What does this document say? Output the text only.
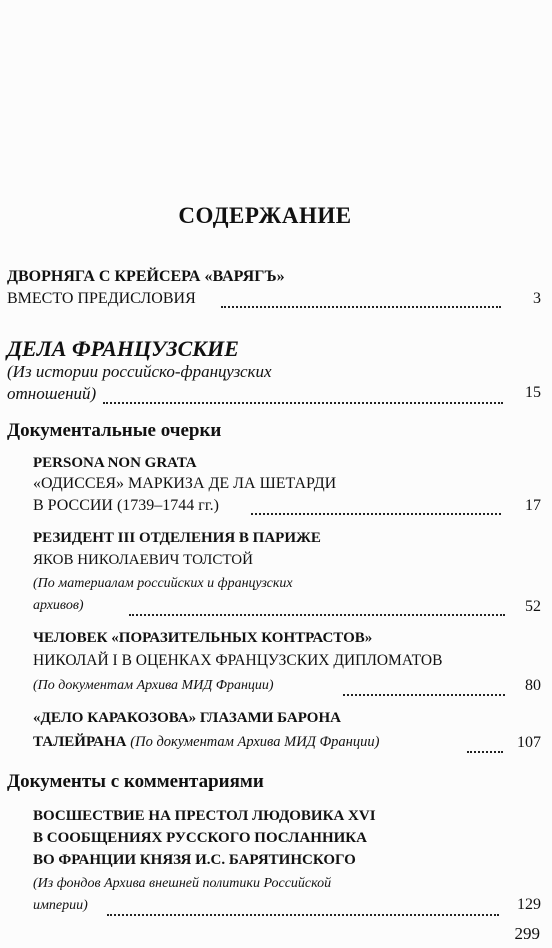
СОДЕРЖАНИЕ
ДВОРНЯГА С КРЕЙСЕРА «ВАРЯГЪ»
ВМЕСТО ПРЕДИСЛОВИЯ	3
ДЕЛА ФРАНЦУЗСКИЕ
(Из истории российско-французских
отношений)	15
Документальные очерки
PERSONA NON GRATA
«ОДИССЕЯ» МАРКИЗА ДЕ ЛА ШЕТАРДИ
В РОССИИ (1739–1744 гг.)	17
РЕЗИДЕНТ III ОТДЕЛЕНИЯ В ПАРИЖЕ
ЯКОВ НИКОЛАЕВИЧ ТОЛСТОЙ
(По материалам российских и французских
архивов)	52
ЧЕЛОВЕК «ПОРАЗИТЕЛЬНЫХ КОНТРАСТОВ»
НИКОЛАЙ I В ОЦЕНКАХ ФРАНЦУЗСКИХ ДИПЛОМАТОВ
(По документам Архива МИД Франции)	80
«ДЕЛО КАРАКОЗОВА» ГЛАЗАМИ БАРОНА
ТАЛЕЙРАНА (По документам Архива МИД Франции)	107
Документы с комментариями
ВОСШЕСТВИЕ НА ПРЕСТОЛ ЛЮДОВИКА XVI
В СООБЩЕНИЯХ РУССКОГО ПОСЛАННИКА
ВО ФРАНЦИИ КНЯЗЯ И.С. БАРЯТИНСКОГО
(Из фондов Архива внешней политики Российской
империи)	129
299
